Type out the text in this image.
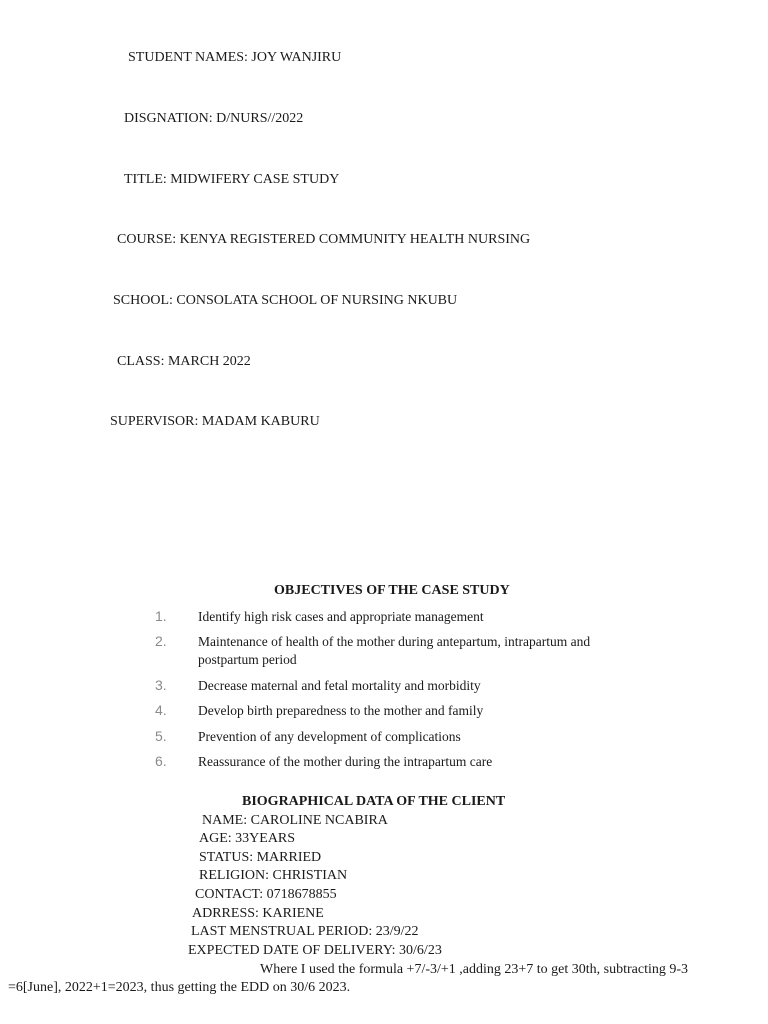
STUDENT NAMES: JOY WANJIRU
DISGNATION: D/NURS//2022
TITLE: MIDWIFERY CASE STUDY
COURSE: KENYA REGISTERED COMMUNITY HEALTH NURSING
SCHOOL: CONSOLATA SCHOOL OF NURSING NKUBU
CLASS: MARCH 2022
SUPERVISOR: MADAM KABURU
OBJECTIVES OF THE CASE STUDY
1. Identify high risk cases and appropriate management
2. Maintenance of health of the mother during antepartum, intrapartum and postpartum period
3. Decrease maternal and fetal mortality and morbidity
4. Develop birth preparedness to the mother and family
5. Prevention of any development of complications
6. Reassurance of the mother during the intrapartum care
BIOGRAPHICAL DATA OF THE CLIENT
NAME: CAROLINE NCABIRA
AGE: 33YEARS
STATUS: MARRIED
RELIGION: CHRISTIAN
CONTACT: 0718678855
ADRRESS: KARIENE
LAST MENSTRUAL PERIOD: 23/9/22
EXPECTED DATE OF DELIVERY: 30/6/23
Where I used the formula +7/-3/+1 ,adding 23+7 to get 30th, subtracting 9-3
=6[June], 2022+1=2023, thus getting the EDD on 30/6 2023.
